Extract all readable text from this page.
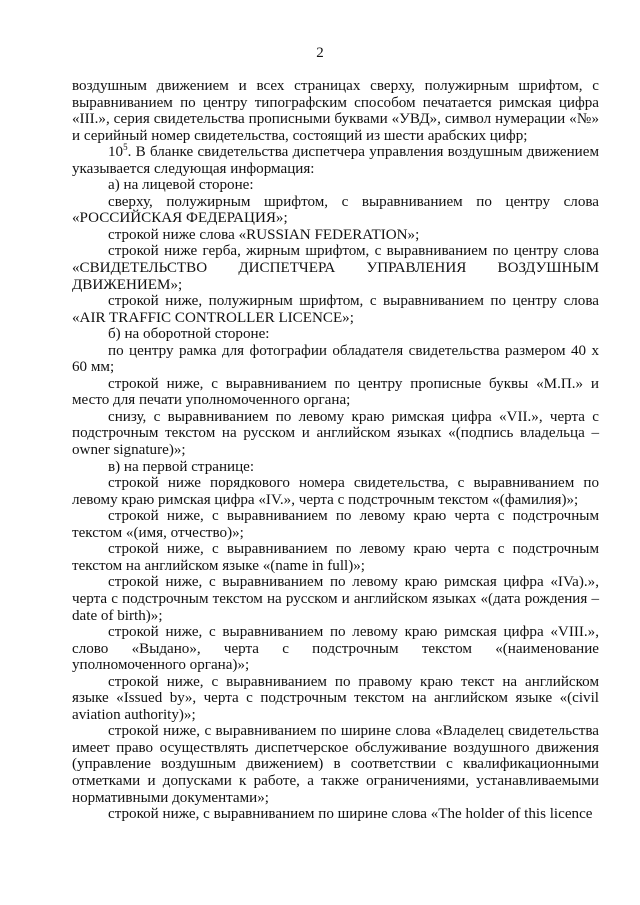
2

воздушным движением и всех страницах сверху, полужирным шрифтом, с выравниванием по центру типографским способом печатается римская цифра «III.», серия свидетельства прописными буквами «УВД», символ нумерации «№» и серийный номер свидетельства, состоящий из шести арабских цифр;

$10^5$. В бланке свидетельства диспетчера управления воздушным движением указывается следующая информация:

а) на лицевой стороне:

сверху, полужирным шрифтом, с выравниванием по центру слова «РОССИЙСКАЯ ФЕДЕРАЦИЯ»;

строкой ниже слова «RUSSIAN FEDERATION»;

строкой ниже герба, жирным шрифтом, с выравниванием по центру слова «СВИДЕТЕЛЬСТВО ДИСПЕТЧЕРА УПРАВЛЕНИЯ ВОЗДУШНЫМ ДВИЖЕНИЕМ»;

строкой ниже, полужирным шрифтом, с выравниванием по центру слова «AIR TRAFFIC CONTROLLER LICENCE»;

б) на оборотной стороне:

по центру рамка для фотографии обладателя свидетельства размером 40 x 60 мм;

строкой ниже, с выравниванием по центру прописные буквы «М.П.» и место для печати уполномоченного органа;

снизу, с выравниванием по левому краю римская цифра «VII.», черта с подстрочным текстом на русском и английском языках «(подпись владельца – owner signature)»;

в) на первой странице:

строкой ниже порядкового номера свидетельства, с выравниванием по левому краю римская цифра «IV.», черта с подстрочным текстом «(фамилия)»;

строкой ниже, с выравниванием по левому краю черта с подстрочным текстом «(имя, отчество)»;

строкой ниже, с выравниванием по левому краю черта с подстрочным текстом на английском языке «(name in full)»;

строкой ниже, с выравниванием по левому краю римская цифра «IVa).», черта с подстрочным текстом на русском и английском языках «(дата рождения – date of birth)»;

строкой ниже, с выравниванием по левому краю римская цифра «VIII.», слово «Выдано», черта с подстрочным текстом «(наименование уполномоченного органа)»;

строкой ниже, с выравниванием по правому краю текст на английском языке «Issued by», черта с подстрочным текстом на английском языке «(civil aviation authority)»;

строкой ниже, с выравниванием по ширине слова «Владелец свидетельства имеет право осуществлять диспетчерское обслуживание воздушного движения (управление воздушным движением) в соответствии с квалификационными отметками и допусками к работе, а также ограничениями, устанавливаемыми нормативными документами»;

строкой ниже, с выравниванием по ширине слова «The holder of this licence
